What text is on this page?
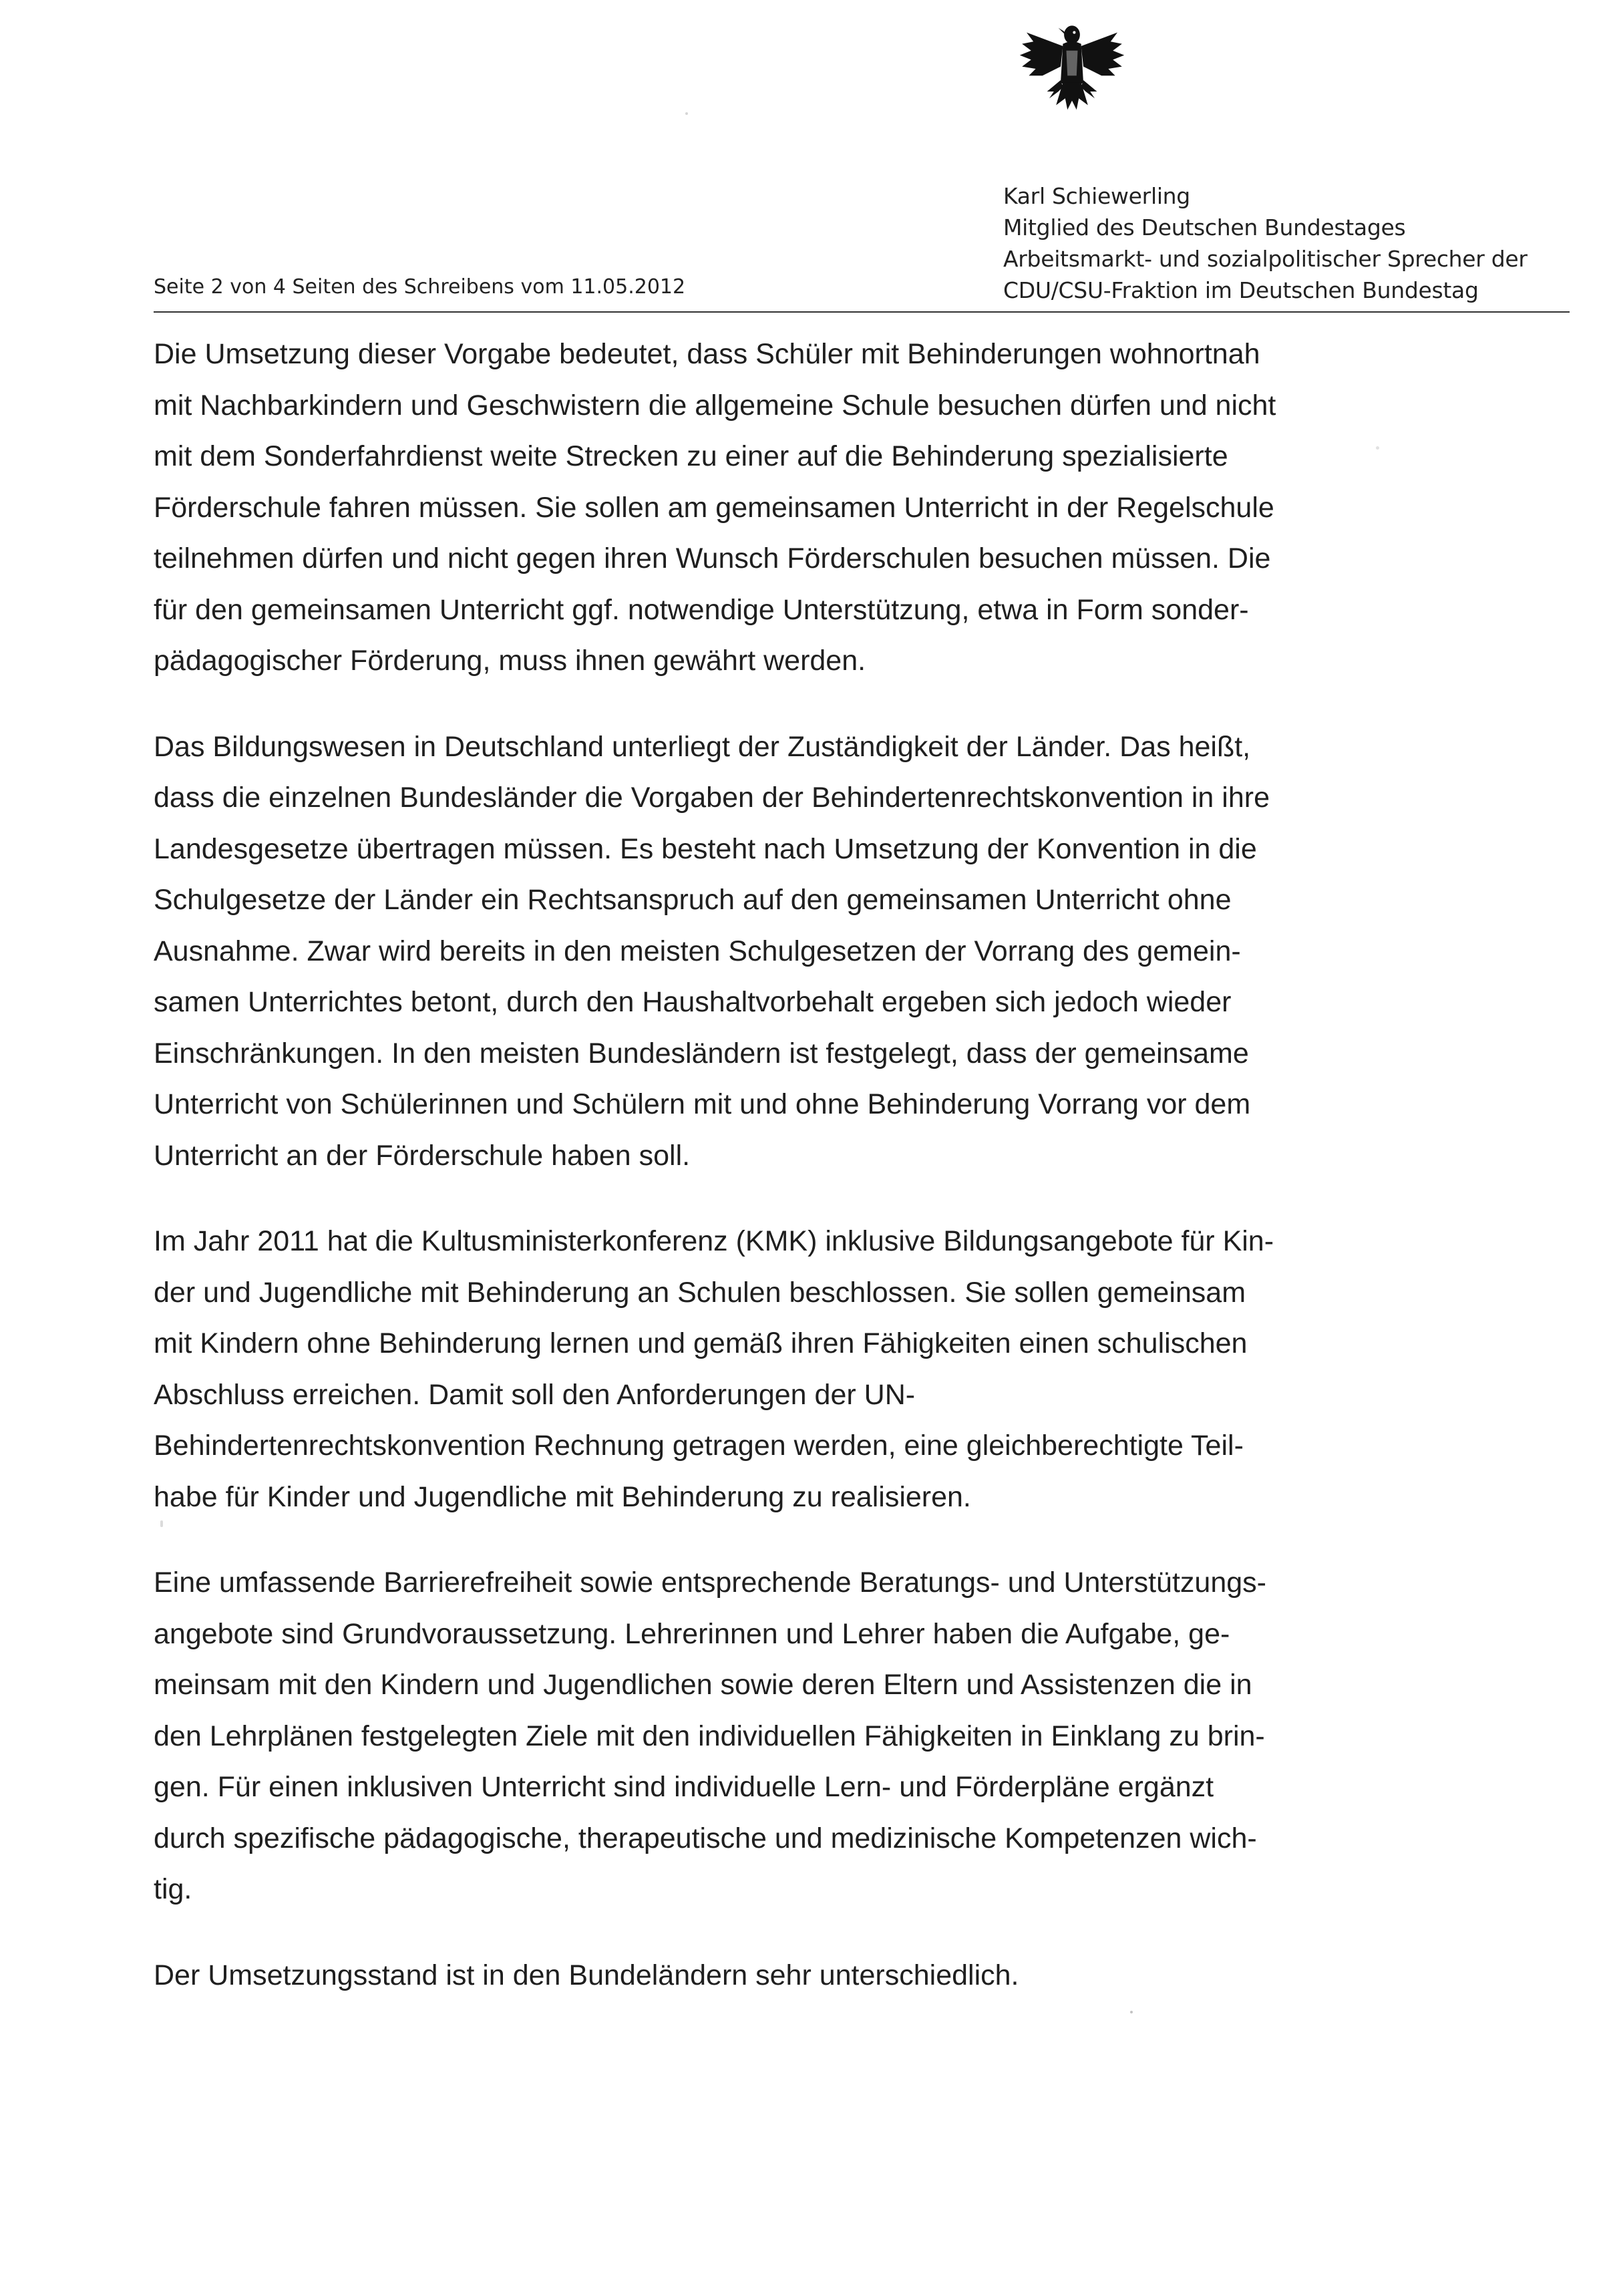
Karl Schiewerling
Mitglied des Deutschen Bundestages
Arbeitsmarkt- und sozialpolitischer Sprecher der
CDU/CSU-Fraktion im Deutschen Bundestag
Seite 2 von 4 Seiten des Schreibens vom 11.05.2012
Die Umsetzung dieser Vorgabe bedeutet, dass Schüler mit Behinderungen wohnortnah
mit Nachbarkindern und Geschwistern die allgemeine Schule besuchen dürfen und nicht
mit dem Sonderfahrdienst weite Strecken zu einer auf die Behinderung spezialisierte
Förderschule fahren müssen. Sie sollen am gemeinsamen Unterricht in der Regelschule
teilnehmen dürfen und nicht gegen ihren Wunsch Förderschulen besuchen müssen. Die
für den gemeinsamen Unterricht ggf. notwendige Unterstützung, etwa in Form sonder-
pädagogischer Förderung, muss ihnen gewährt werden.
Das Bildungswesen in Deutschland unterliegt der Zuständigkeit der Länder. Das heißt,
dass die einzelnen Bundesländer die Vorgaben der Behindertenrechtskonvention in ihre
Landesgesetze übertragen müssen. Es besteht nach Umsetzung der Konvention in die
Schulgesetze der Länder ein Rechtsanspruch auf den gemeinsamen Unterricht ohne
Ausnahme. Zwar wird bereits in den meisten Schulgesetzen der Vorrang des gemein-
samen Unterrichtes betont, durch den Haushaltvorbehalt ergeben sich jedoch wieder
Einschränkungen. In den meisten Bundesländern ist festgelegt, dass der gemeinsame
Unterricht von Schülerinnen und Schülern mit und ohne Behinderung Vorrang vor dem
Unterricht an der Förderschule haben soll.
Im Jahr 2011 hat die Kultusministerkonferenz (KMK) inklusive Bildungsangebote für Kin-
der und Jugendliche mit Behinderung an Schulen beschlossen. Sie sollen gemeinsam
mit Kindern ohne Behinderung lernen und gemäß ihren Fähigkeiten einen schulischen
Abschluss erreichen. Damit soll den Anforderungen der UN-
Behindertenrechtskonvention Rechnung getragen werden, eine gleichberechtigte Teil-
habe für Kinder und Jugendliche mit Behinderung zu realisieren.
Eine umfassende Barrierefreiheit sowie entsprechende Beratungs- und Unterstützungs-
angebote sind Grundvoraussetzung. Lehrerinnen und Lehrer haben die Aufgabe, ge-
meinsam mit den Kindern und Jugendlichen sowie deren Eltern und Assistenzen die in
den Lehrplänen festgelegten Ziele mit den individuellen Fähigkeiten in Einklang zu brin-
gen. Für einen inklusiven Unterricht sind individuelle Lern- und Förderpläne ergänzt
durch spezifische pädagogische, therapeutische und medizinische Kompetenzen wich-
tig.
Der Umsetzungsstand ist in den Bundeländern sehr unterschiedlich.
